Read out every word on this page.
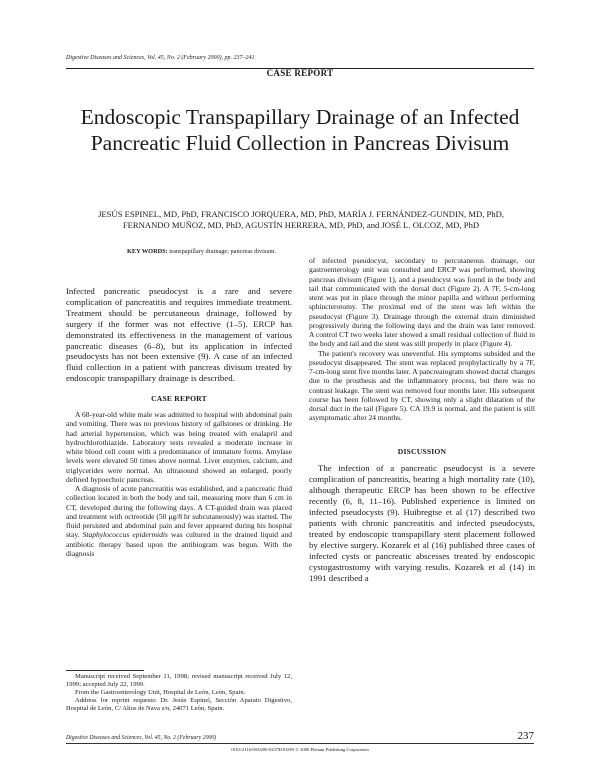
Digestive Diseases and Sciences, Vol. 45, No. 2 (February 2000), pp. 237–241
CASE REPORT
Endoscopic Transpapillary Drainage of an Infected Pancreatic Fluid Collection in Pancreas Divisum
JESÚS ESPINEL, MD, PhD, FRANCISCO JORQUERA, MD, PhD, MARÍA J. FERNÁNDEZ-GUNDIN, MD, PhD, FERNANDO MUÑOZ, MD, PhD, AGUSTÍN HERRERA, MD, PhD, and JOSÉ L. OLCOZ, MD, PhD
KEY WORDS: transpapillary drainage; pancreas divisum.

Infected pancreatic pseudocyst is a rare and severe complication of pancreatitis and requires immediate treatment. Treatment should be percutaneous drainage, followed by surgery if the former was not effective (1–5). ERCP has demonstrated its effectiveness in the management of various pancreatic diseases (6–8), but its application in infected pseudocysts has not been extensive (9). A case of an infected fluid collection in a patient with pancreas divisum treated by endoscopic transpapillary drainage is described.

CASE REPORT

A 68-year-old white male was admitted to hospital with abdominal pain and vomiting. There was no previous history of gallstones or drinking. He had arterial hypertension, which was being treated with enalapril and hydrochlorothiazide. Laboratory tests revealed a moderate increase in white blood cell count with a predominance of immature forms. Amylase levels were elevated 50 times above normal. Liver enzymes, calcium, and triglycerides were normal. An ultrasound showed an enlarged, poorly defined hypoechoic pancreas.

A diagnosis of acute pancreatitis was established, and a pancreatic fluid collection located in both the body and tail, measuring more than 6 cm in CT, developed during the following days. A CT-guided drain was placed and treatment with octreotide (50 μg/8 hr subcutaneously) was started. The fluid persisted and abdominal pain and fever appeared during his hospital stay. Staphylococcus epidermidis was cultured in the drained liquid and antibiotic therapy based upon the antibiogram was begun. With the diagnosis

Manuscript received September 11, 1998; revised manuscript received July 12, 1999; accepted July 22, 1999.

From the Gastroenterology Unit, Hospital de León, León, Spain.

Address for reprint requests: Dr. Jesús Espinel, Sección Aparato Digestivo, Hospital de León, C/ Altos de Nava s/n, 24071 León, Spain.

of infected pseudocyst, secondary to percutaneous drainage, our gastroenterology unit was consulted and ERCP was performed, showing pancreas divisum (Figure 1), and a pseudocyst was found in the body and tail that communicated with the dorsal duct (Figure 2). A 7F, 5-cm-long stent was put in place through the minor papilla and without performing sphincterotomy. The proximal end of the stent was left within the pseudocyst (Figure 3). Drainage through the external drain diminished progressively during the following days and the drain was later removed. A control CT two weeks later showed a small residual collection of fluid in the body and tail and the stent was still properly in place (Figure 4).

The patient's recovery was uneventful. His symptoms subsided and the pseudocyst disappeared. The stent was replaced prophylactically by a 7F, 7-cm-long stent five months later. A pancreatogram showed ductal changes due to the prosthesis and the inflammatory process, but there was no contrast leakage. The stent was removed four months later. His subsequent course has been followed by CT, showing only a slight dilatation of the dorsal duct in the tail (Figure 5). CA 19.9 is normal, and the patient is still asymptomatic after 24 months.

DISCUSSION

The infection of a pancreatic pseudocyst is a severe complication of pancreatitis, bearing a high mortality rate (10), although therapeutic ERCP has been shown to be effective recently (6, 8, 11–16). Published experience is limited on infected pseudocysts (9). Huibregtse et al (17) described two patients with chronic pancreatitis and infected pseudocysts, treated by endoscopic transpapillary stent placement followed by elective surgery. Kozarek et al (16) published three cases of infected cysts or pancreatic abscesses treated by endoscopic cystogastrostomy with varying results. Kozarek et al (14) in 1991 described a

Digestive Diseases and Sciences, Vol. 45, No. 2 (February 2000)	237
0163-2116/00/0200-0237$18.00/0 © 2000 Plenum Publishing Corporation
